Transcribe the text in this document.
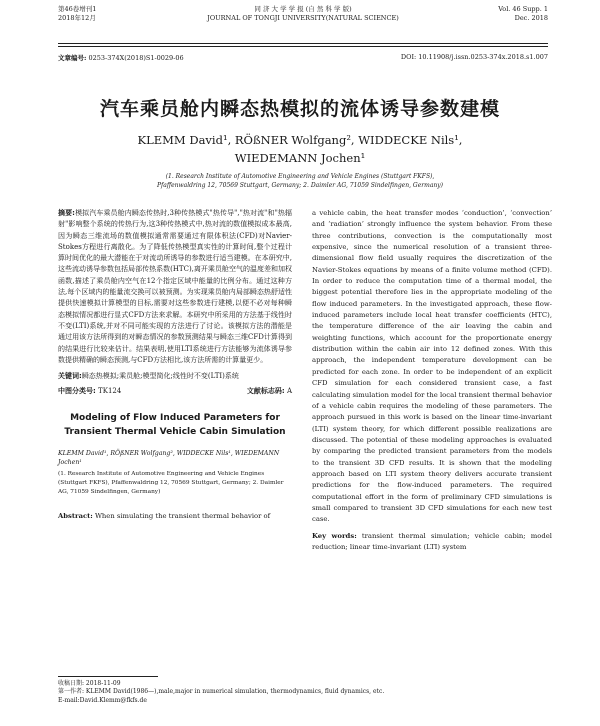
第46卷增刊1
2018年12月
同 济 大 学 学 报 (自 然 科 学 版)
JOURNAL OF TONGJI UNIVERSITY(NATURAL SCIENCE)
Vol. 46 Supp. 1
Dec. 2018
文章编号: 0253-374X(2018)S1-0029-06	DOI: 10.11908/j.issn.0253-374x.2018.s1.007
汽车乘员舱内瞬态热模拟的流体诱导参数建模
KLEMM David¹, RÖßNER Wolfgang², WIDDECKE Nils¹,
WIEDEMANN Jochen¹
(1. Research Institute of Automotive Engineering and Vehicle Engines (Stuttgart FKFS),
Pfaffenwaldring 12, 70569 Stuttgart, Germany; 2. Daimler AG, 71059 Sindelfingen, Germany)

摘要:模拟汽车乘员舱内瞬态传热时,3种传热模式"热传导","热对流"和"热辐射"影响整个系统的传热行为,这3种传热模式中,热对流的数值模拟成本最高,因为瞬态三维流场的数值模拟通常需要通过有限体积法(CFD)对Navier-Stokes方程进行离散化。为了降低传热模型真实性的计算时间,整个过程计算时间优化的最大潜能在于对流动所诱导的参数进行适当建模。在本研究中,这些流动诱导参数包括局部传热系数(HTC),离开乘员舱空气的温度差和加权函数,描述了乘员舱内空气在12个指定区域中能量的比例分布。通过这种方法,每个区域内的能量流交换可以被预测。为实现乘员舱内局部瞬态热舒适性提供快速模拟计算模型的目标,需要对这些参数进行建模,以便不必对每种瞬态模拟情况都进行显式CFD方法来求解。本研究中所采用的方法基于线性时不变(LTI)系统,并对不同可能实现的方法进行了讨论。该模拟方法的潜能是通过用该方法所得到的对瞬态情况的参数预测结果与瞬态三维CFD计算得到的结果进行比较来估计。结果表明,使用LTI系统进行方法能够为流体诱导参数提供精确的瞬态预测,与CFD方法相比,该方法所需的计算量更少。

关键词:瞬态热模拟;乘员舱;模型简化;线性时不变(LTI)系统

中图分类号: TK124	文献标志码: A
Modeling of Flow Induced Parameters for Transient Thermal Vehicle Cabin Simulation

KLEMM David¹, RÖßNER Wolfgang², WIDDECKE Nils¹, WIEDEMANN Jochen¹

(1. Research Institute of Automotive Engineering and Vehicle Engines (Stuttgart FKFS), Pfaffenwaldring 12, 70569 Stuttgart, Germany; 2. Daimler AG, 71059 Sindelfingen, Germany)

Abstract: When simulating the transient thermal behavior of

a vehicle cabin, the heat transfer modes ‘conduction’, ‘convection’ and ‘radiation’ strongly influence the system behavior. From these three contributions, convection is the computationally most expensive, since the numerical resolution of a transient three-dimensional flow field usually requires the discretization of the Navier-Stokes equations by means of a finite volume method (CFD). In order to reduce the computation time of a thermal model, the biggest potential therefore lies in the appropriate modeling of the flow induced parameters. In the investigated approach, these flow-induced parameters include local heat transfer coefficients (HTC), the temperature difference of the air leaving the cabin and weighting functions, which account for the proportionate energy distribution within the cabin air into 12 defined zones. With this approach, the independent temperature development can be predicted for each zone. In order to be independent of an explicit CFD simulation for each considered transient case, a fast calculating simulation model for the local transient thermal behavior of a vehicle cabin requires the modeling of these parameters. The approach pursued in this work is based on the linear time-invariant (LTI) system theory, for which different possible realizations are discussed. The potential of these modeling approaches is evaluated by comparing the predicted transient parameters from the models to the transient 3D CFD results. It is shown that the modeling approach based on LTI system theory delivers accurate transient predictions for the flow-induced parameters. The required computational effort in the form of preliminary CFD simulations is small compared to transient 3D CFD simulations for each new test case.

Key words: transient thermal simulation; vehicle cabin; model reduction; linear time-invariant (LTI) system

收稿日期: 2018-11-09
第一作者: KLEMM David(1986—),male,major in numerical simulation, thermodynamics, fluid dynamics, etc.
E-mail:David.Klemm@fkfs.de
